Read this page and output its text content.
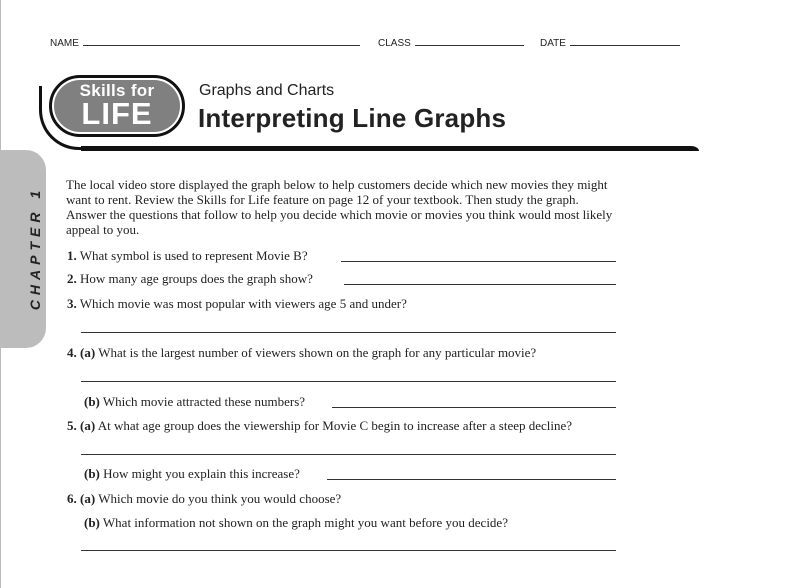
NAME	CLASS	DATE
Skills for
LIFE
Graphs and Charts
Interpreting Line Graphs
CHAPTER 1
The local video store displayed the graph below to help customers decide which new movies they might want to rent. Review the Skills for Life feature on page 12 of your textbook. Then study the graph. Answer the questions that follow to help you decide which movie or movies you think would most likely appeal to you.
1. What symbol is used to represent Movie B?
2. How many age groups does the graph show?
3. Which movie was most popular with viewers age 5 and under?
4. (a) What is the largest number of viewers shown on the graph for any particular movie?
(b) Which movie attracted these numbers?
5. (a) At what age group does the viewership for Movie C begin to increase after a steep decline?
(b) How might you explain this increase?
6. (a) Which movie do you think you would choose?
(b) What information not shown on the graph might you want before you decide?
